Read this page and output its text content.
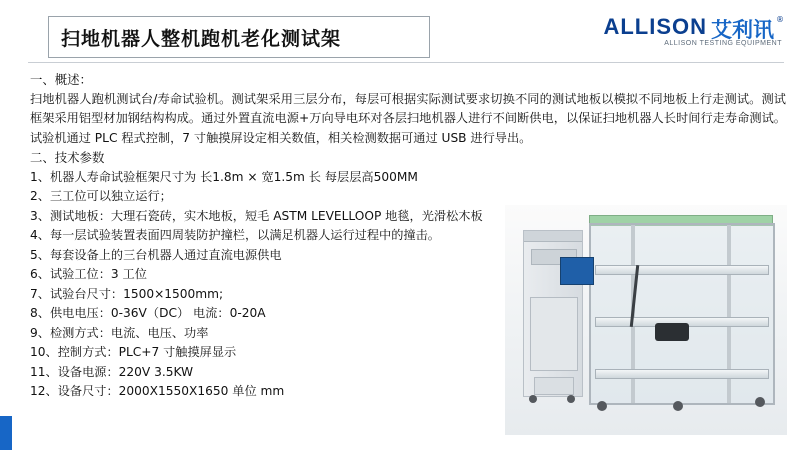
扫地机器人整机跑机老化测试架	ALLISON 艾利讯 ®
ALLISON TESTING EQUIPMENT

一、概述：

扫地机器人跑机测试台/寿命试验机。测试架采用三层分布，每层可根据实际测试要求切换不同的测试地板以模拟不同地板上行走测试。测试框架采用铝型材加钢结构构成。通过外置直流电源+万向导电环对各层扫地机器人进行不间断供电，以保证扫地机器人长时间行走寿命测试。试验机通过 PLC 程式控制，7 寸触摸屏设定相关数值，相关检测数据可通过 USB 进行导出。

二、技术参数

1、机器人寿命试验框架尺寸为 长1.8m × 宽1.5m 长 每层层高500MM

2、三工位可以独立运行；

3、测试地板：大理石瓷砖，实木地板，短毛 ASTM LEVELLOOP 地毯，光滑松木板

4、每一层试验装置表面四周装防护撞栏，以满足机器人运行过程中的撞击。

5、每套设备上的三台机器人通过直流电源供电

6、试验工位：3 工位

7、试验台尺寸：1500×1500mm;

8、供电电压：0-36V（DC） 电流：0-20A

9、检测方式：电流、电压、功率

10、控制方式：PLC+7 寸触摸屏显示

11、设备电源：220V 3.5KW

12、设备尺寸：2000X1550X1650 单位 mm
